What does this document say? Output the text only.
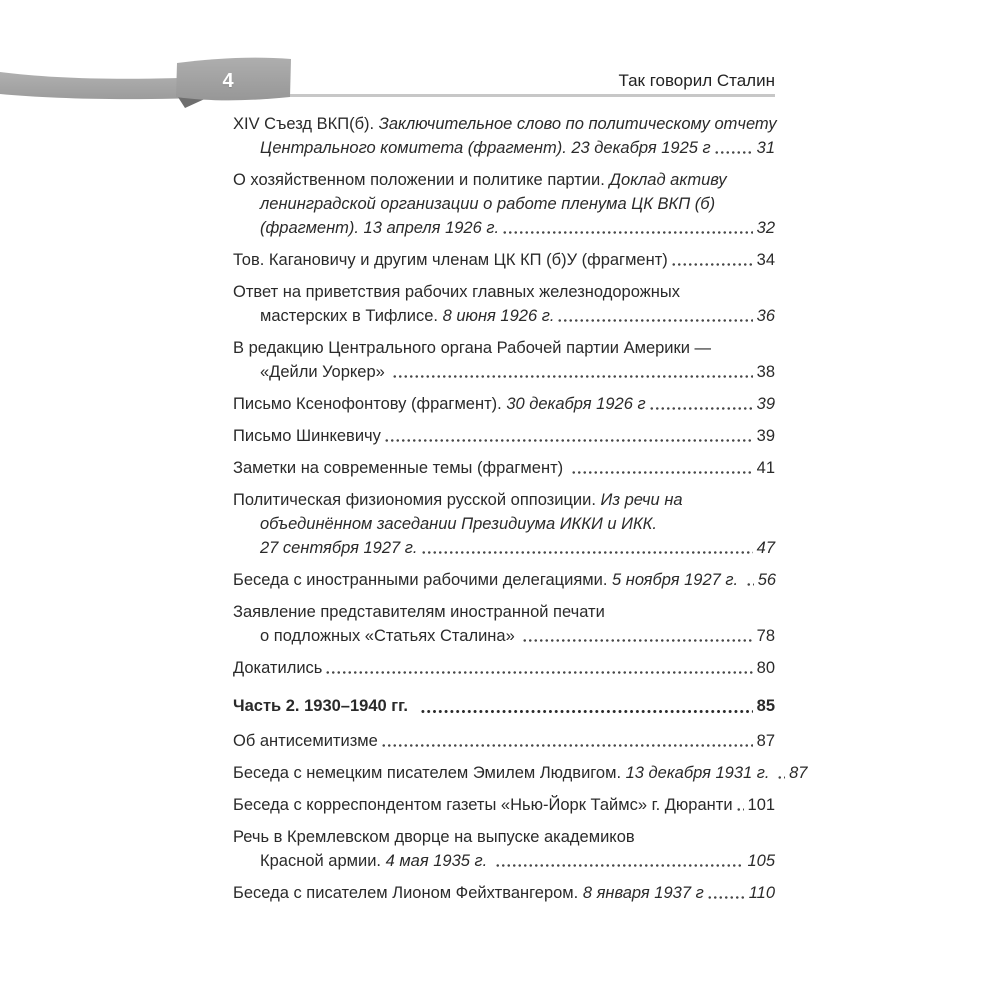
4	Так говорил Сталин
XIV Съезд ВКП(б). Заключительное слово по политическому отчету
Центрального комитета (фрагмент). 23 декабря 1925 г	31
О хозяйственном положении и политике партии. Доклад активу
ленинградской организации о работе пленума ЦК ВКП (б)
(фрагмент). 13 апреля 1926 г.	32
Тов. Кагановичу и другим членам ЦК КП (б)У (фрагмент)	34
Ответ на приветствия рабочих главных железнодорожных
мастерских в Тифлисе. 8 июня 1926 г.	36
В редакцию Центрального органа Рабочей партии Америки —
«Дейли Уоркер»	38
Письмо Ксенофонтову (фрагмент). 30 декабря 1926 г	39
Письмо Шинкевичу	39
Заметки на современные темы (фрагмент)	41
Политическая физиономия русской оппозиции. Из речи на
объединённом заседании Президиума ИККИ и ИКК.
27 сентября 1927 г.	47
Беседа с иностранными рабочими делегациями. 5 ноября 1927 г. 56
Заявление представителям иностранной печати
о подложных «Статьях Сталина»	78
Докатились	80
Часть 2. 1930–1940 гг.	85
Об антисемитизме	87
Беседа с немецким писателем Эмилем Людвигом. 13 декабря 1931 г. 87
Беседа с корреспондентом газеты «Нью-Йорк Таймс» г. Дюранти 101
Речь в Кремлевском дворце на выпуске академиков
Красной армии. 4 мая 1935 г.	105
Беседа с писателем Лионом Фейхтвангером. 8 января 1937 г	110
